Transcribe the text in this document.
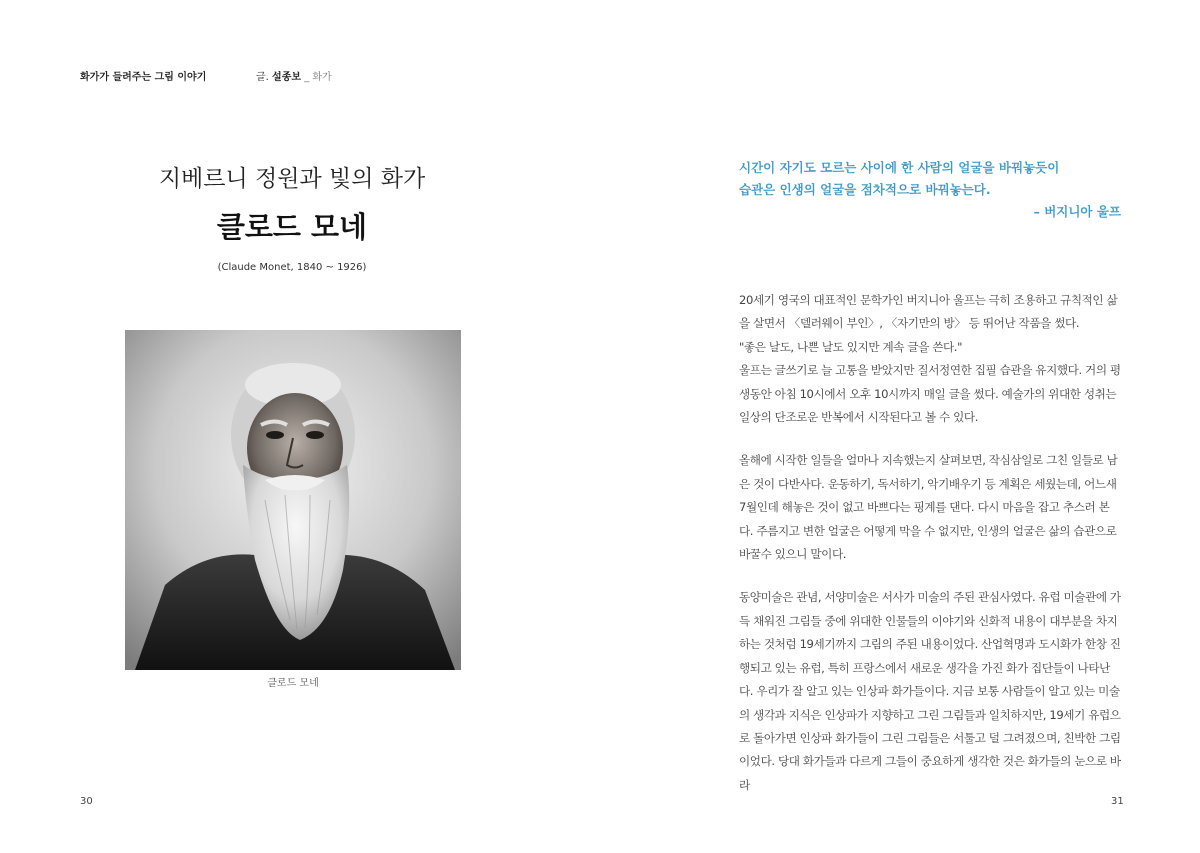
화가가 들려주는 그림 이야기	글. 설종보 _ 화가
지베르니 정원과 빛의 화가
클로드 모네
(Claude Monet, 1840 ~ 1926)
클로드 모네
30
시간이 자기도 모르는 사이에 한 사람의 얼굴을 바꿔놓듯이
습관은 인생의 얼굴을 점차적으로 바꿔놓는다.
– 버지니아 울프

20세기 영국의 대표적인 문학가인 버지니아 울프는 극히 조용하고 규칙적인 삶을 살면서 〈델러웨이 부인〉, 〈자기만의 방〉 등 뛰어난 작품을 썼다.
"좋은 날도, 나쁜 날도 있지만 계속 글을 쓴다."
울프는 글쓰기로 늘 고통을 받았지만 질서정연한 집필 습관을 유지했다. 거의 평생동안 아침 10시에서 오후 10시까지 매일 글을 썼다. 예술가의 위대한 성취는 일상의 단조로운 반복에서 시작된다고 볼 수 있다.

올해에 시작한 일들을 얼마나 지속했는지 살펴보면, 작심삼일로 그친 일들로 남은 것이 다반사다. 운동하기, 독서하기, 악기배우기 등 계획은 세웠는데, 어느새 7월인데 해놓은 것이 없고 바쁘다는 핑계를 댄다. 다시 마음을 잡고 추스러 본다. 주름지고 변한 얼굴은 어떻게 막을 수 없지만, 인생의 얼굴은 삶의 습관으로 바꿀수 있으니 말이다.

동양미술은 관념, 서양미술은 서사가 미술의 주된 관심사였다. 유럽 미술관에 가득 채워진 그림들 중에 위대한 인물들의 이야기와 신화적 내용이 대부분을 차지하는 것처럼 19세기까지 그림의 주된 내용이었다. 산업혁명과 도시화가 한창 진행되고 있는 유럽, 특히 프랑스에서 새로운 생각을 가진 화가 집단들이 나타난다. 우리가 잘 알고 있는 인상파 화가들이다. 지금 보통 사람들이 알고 있는 미술의 생각과 지식은 인상파가 지향하고 그린 그림들과 일치하지만, 19세기 유럽으로 돌아가면 인상파 화가들이 그린 그림들은 서툴고 덜 그려졌으며, 친박한 그림이었다. 당대 화가들과 다르게 그들이 중요하게 생각한 것은 화가들의 눈으로 바라

31
